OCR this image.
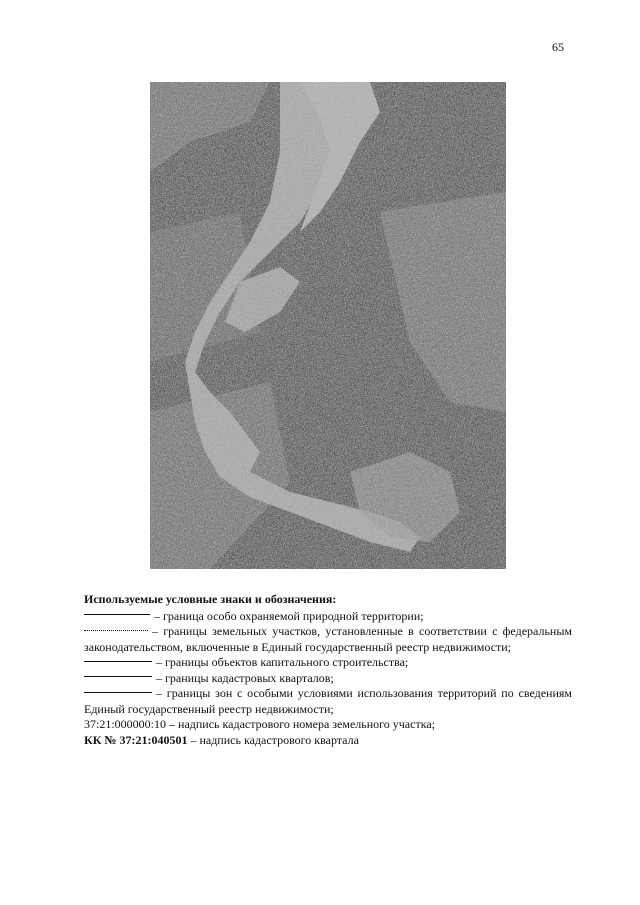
65
Используемые условные знаки и обозначения:
– граница особо охраняемой природной территории;
– границы земельных участков, установленные в соответствии с федеральным законодательством, включенные в Единый государственный реестр недвижимости;
– границы объектов капитального строительства;
– границы кадастровых кварталов;
– границы зон с особыми условиями использования территорий по сведениям Единый государственный реестр недвижимости;
37:21:000000:10 – надпись кадастрового номера земельного участка;
КК № 37:21:040501 – надпись кадастрового квартала
